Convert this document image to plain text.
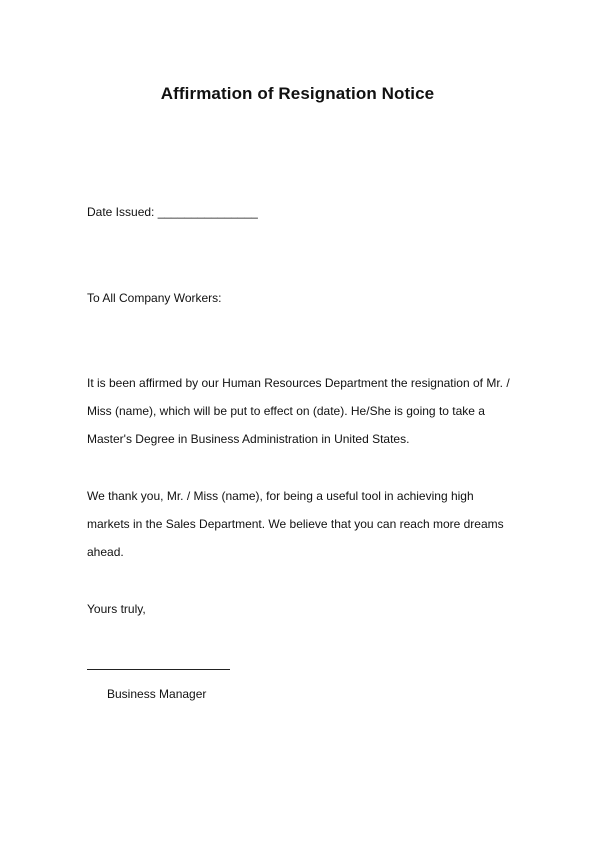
Affirmation of Resignation Notice

Date Issued: _______________

To All Company Workers:

It is been affirmed by our Human Resources Department the resignation of Mr. /

Miss (name), which will be put to effect on (date). He/She is going to take a

Master's Degree in Business Administration in United States.

We thank you, Mr. / Miss (name), for being a useful tool in achieving high

markets in the Sales Department. We believe that you can reach more dreams

ahead.

Yours truly,

Business Manager
